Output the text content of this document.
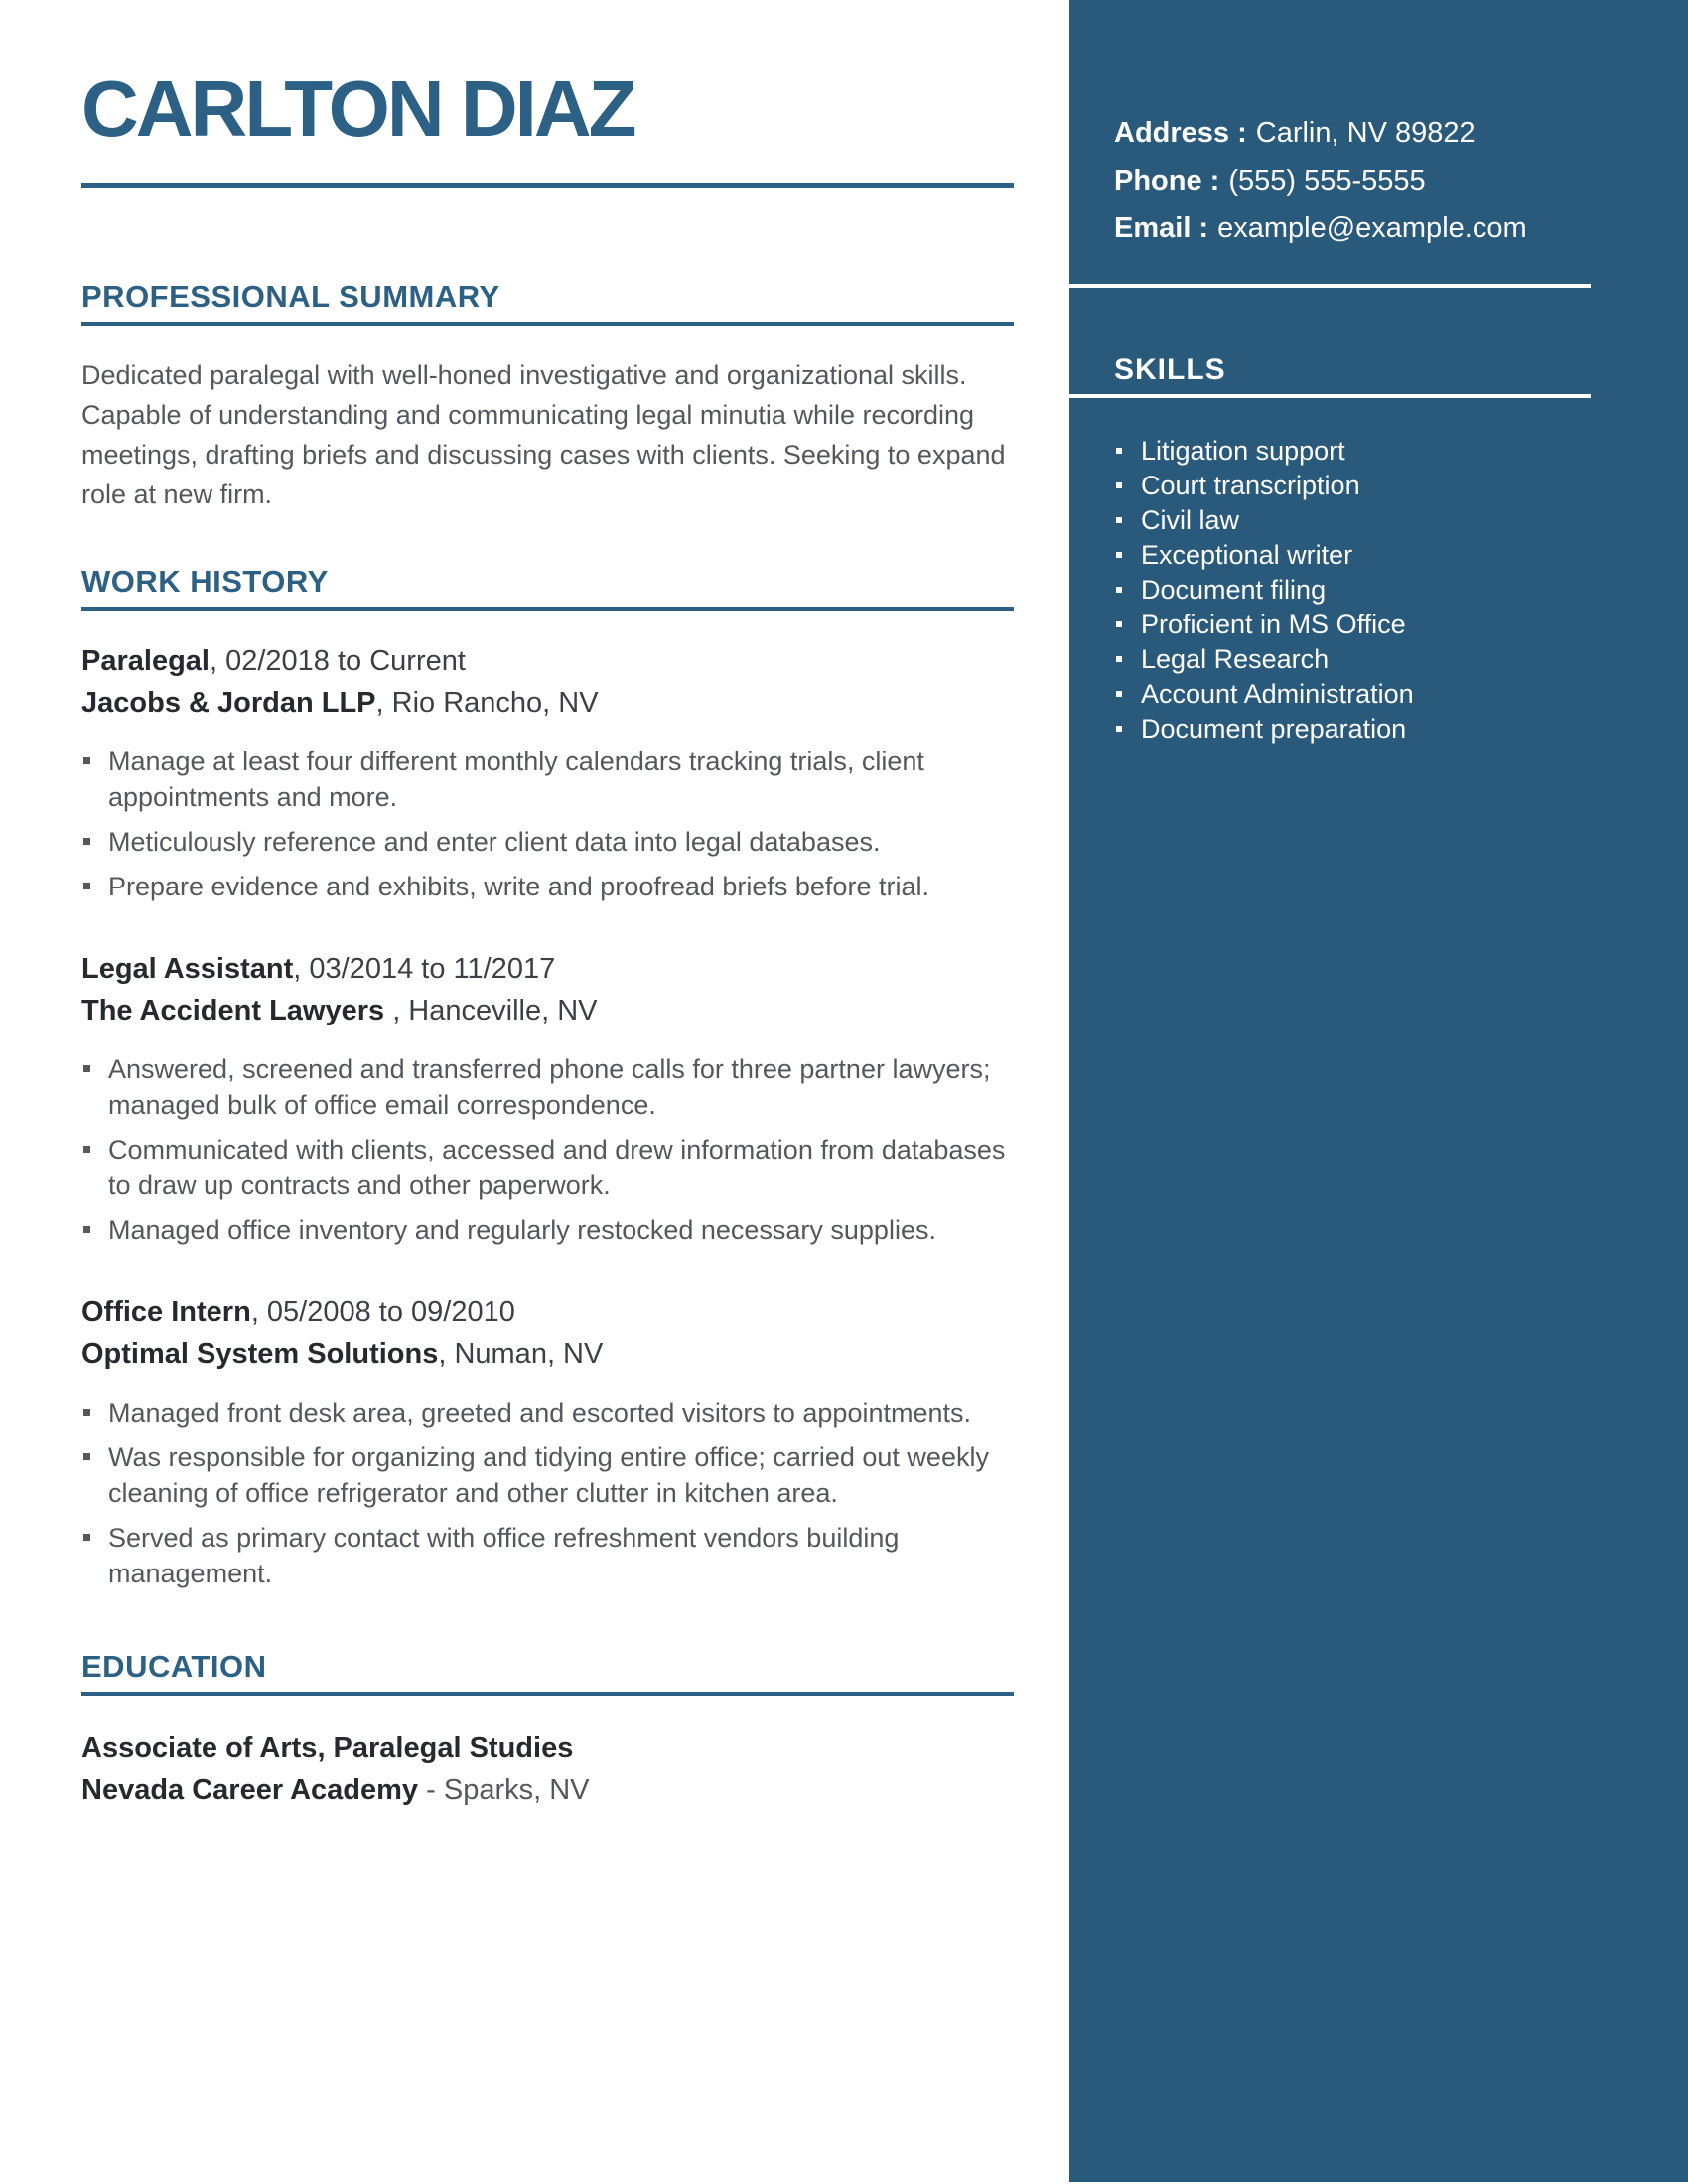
CARLTON DIAZ
PROFESSIONAL SUMMARY

Dedicated paralegal with well-honed investigative and organizational skills. Capable of understanding and communicating legal minutia while recording meetings, drafting briefs and discussing cases with clients. Seeking to expand role at new firm.

WORK HISTORY
Paralegal, 02/2018 to Current
Jacobs & Jordan LLP, Rio Rancho, NV
Manage at least four different monthly calendars tracking trials, client appointments and more.
Meticulously reference and enter client data into legal databases.
Prepare evidence and exhibits, write and proofread briefs before trial.
Legal Assistant, 03/2014 to 11/2017
The Accident Lawyers , Hanceville, NV
Answered, screened and transferred phone calls for three partner lawyers; managed bulk of office email correspondence.
Communicated with clients, accessed and drew information from databases to draw up contracts and other paperwork.
Managed office inventory and regularly restocked necessary supplies.
Office Intern, 05/2008 to 09/2010
Optimal System Solutions, Numan, NV
Managed front desk area, greeted and escorted visitors to appointments.
Was responsible for organizing and tidying entire office; carried out weekly cleaning of office refrigerator and other clutter in kitchen area.
Served as primary contact with office refreshment vendors building management.
EDUCATION
Associate of Arts, Paralegal Studies
Nevada Career Academy - Sparks, NV
Address : Carlin, NV 89822
Phone : (555) 555-5555
Email : example@example.com
SKILLS
Litigation support
Court transcription
Civil law
Exceptional writer
Document filing
Proficient in MS Office
Legal Research
Account Administration
Document preparation
